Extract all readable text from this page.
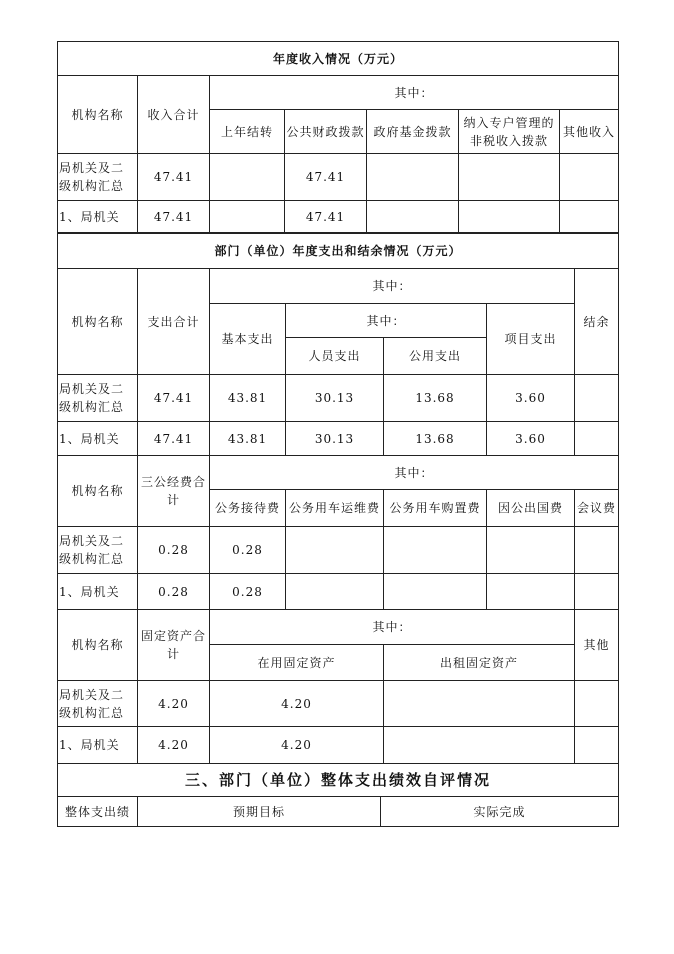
年度收入情况（万元）						
机构名称	收入合计	其中：				
		上年结转	公共财政拨款	政府基金拨款	纳入专户管理的非税收入拨款	其他收入
局机关及二级机构汇总	47.41		47.41			
1、局机关	47.41		47.41			
部门（单位）年度支出和结余情况（万元）						
机构名称	支出合计	其中：				结余
		基本支出	其中：		项目支出	
			人员支出	公用支出		
局机关及二级机构汇总	47.41	43.81	30.13	13.68	3.60	
1、局机关	47.41	43.81	30.13	13.68	3.60	
机构名称	三公经费合计	其中：				
		公务接待费	公务用车运维费	公务用车购置费	因公出国费	会议费
局机关及二级机构汇总	0.28	0.28				
1、局机关	0.28	0.28				
机构名称	固定资产合计	其中：		其他
		在用固定资产	出租固定资产	
局机关及二级机构汇总	4.20	4.20		
1、局机关	4.20	4.20		
三、部门（单位）整体支出绩效自评情况
整体支出绩	预期目标	实际完成
